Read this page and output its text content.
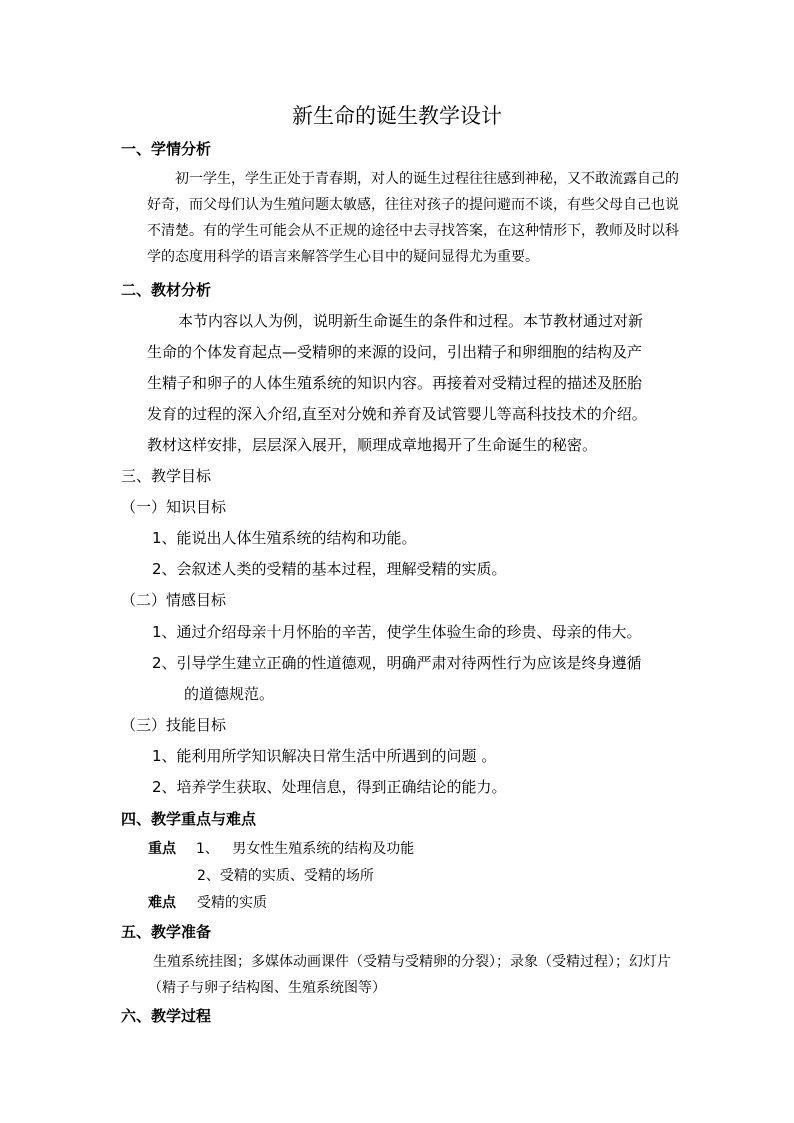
新生命的诞生教学设计
一、学情分析
初一学生，学生正处于青春期，对人的诞生过程往往感到神秘，又不敢流露自己的
好奇，而父母们认为生殖问题太敏感，往往对孩子的提问避而不谈，有些父母自己也说
不清楚。有的学生可能会从不正规的途径中去寻找答案，在这种情形下，教师及时以科
学的态度用科学的语言来解答学生心目中的疑问显得尤为重要。
二、教材分析
本节内容以人为例，说明新生命诞生的条件和过程。本节教材通过对新
生命的个体发育起点—受精卵的来源的设问，引出精子和卵细胞的结构及产
生精子和卵子的人体生殖系统的知识内容。再接着对受精过程的描述及胚胎
发育的过程的深入介绍,直至对分娩和养育及试管婴儿等高科技技术的介绍。
教材这样安排，层层深入展开，顺理成章地揭开了生命诞生的秘密。
三、教学目标
（一）知识目标
1、能说出人体生殖系统的结构和功能。
2、会叙述人类的受精的基本过程，理解受精的实质。
（二）情感目标
1、通过介绍母亲十月怀胎的辛苦，使学生体验生命的珍贵、母亲的伟大。
2、引导学生建立正确的性道德观，明确严肃对待两性行为应该是终身遵循
的道德规范。
（三）技能目标
1、能利用所学知识解决日常生活中所遇到的问题 。
2、培养学生获取、处理信息，得到正确结论的能力。
四、教学重点与难点
重点 1、   男女性生殖系统的结构及功能
2、受精的实质、受精的场所
难点 受精的实质
五、教学准备
生殖系统挂图；多媒体动画课件（受精与受精卵的分裂）；录象（受精过程）；幻灯片
（精子与卵子结构图、生殖系统图等）
六、教学过程
